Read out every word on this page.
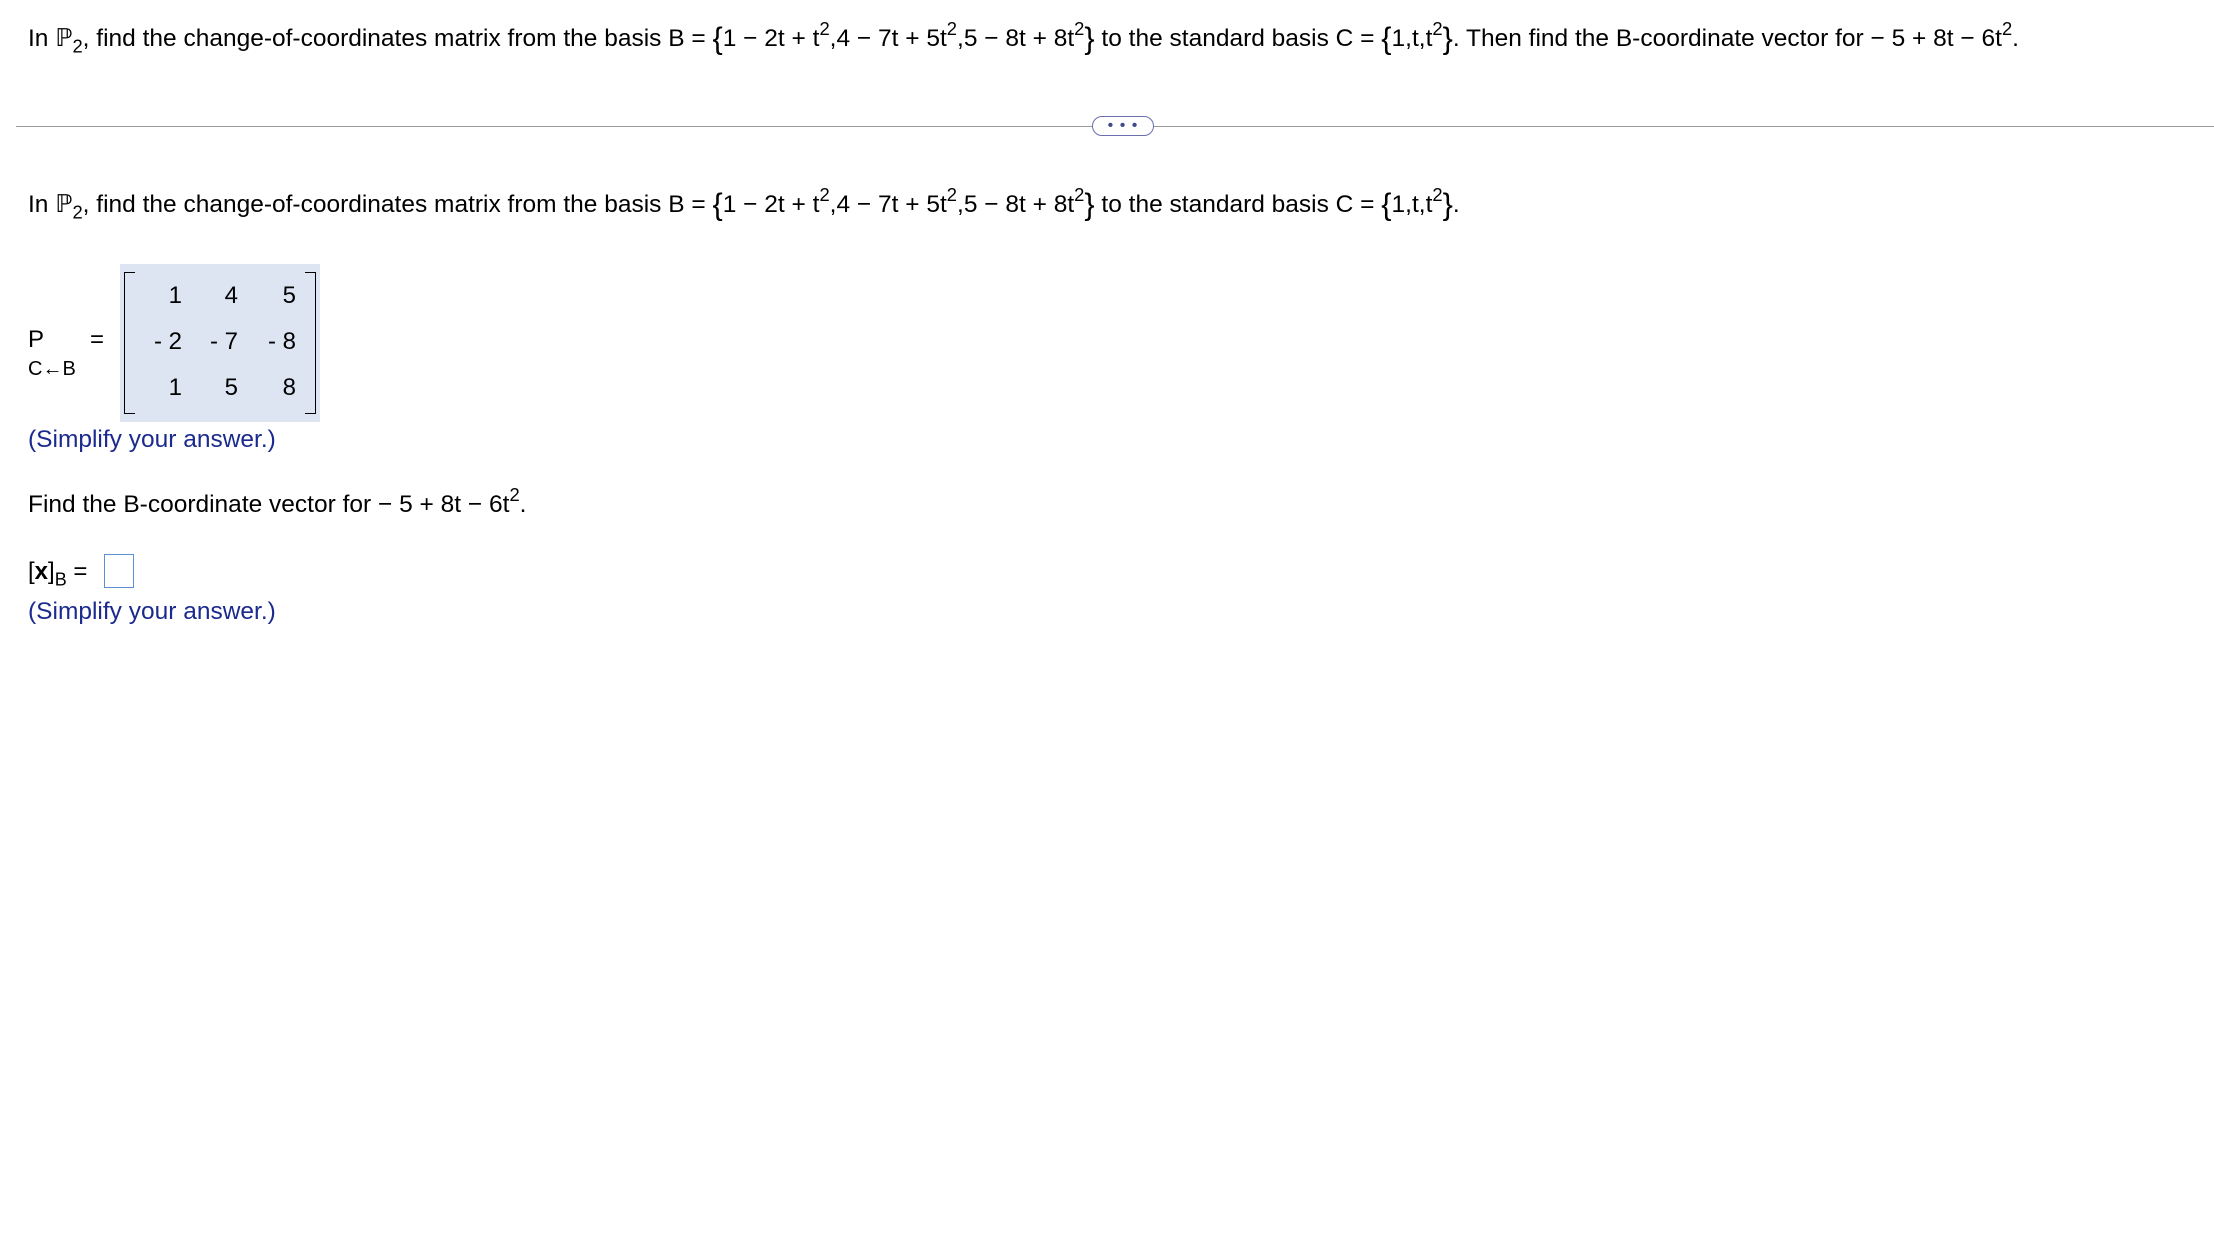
In ℙ$_2$, find the change-of-coordinates matrix from the basis $B = \{1 - 2t + t^2,4 - 7t + 5t^2,5 - 8t + 8t^2\}$ to the standard basis $C = \{1,t,t^2\}$. Then find the B-coordinate vector for − $5 + 8t - 6t^2$.
• • •
In ℙ$_2$, find the change-of-coordinates matrix from the basis $B = \{1 - 2t + t^2,4 - 7t + 5t^2,5 - 8t + 8t^2\}$ to the standard basis $C = \{1,t,t^2\}$.
P =
C←B
1	4	5
- 2	- 7	- 8
1	5	8
(Simplify your answer.)
Find the B-coordinate vector for − $5 + 8t - 6t^2$.
$[x]_B$ =
(Simplify your answer.)
